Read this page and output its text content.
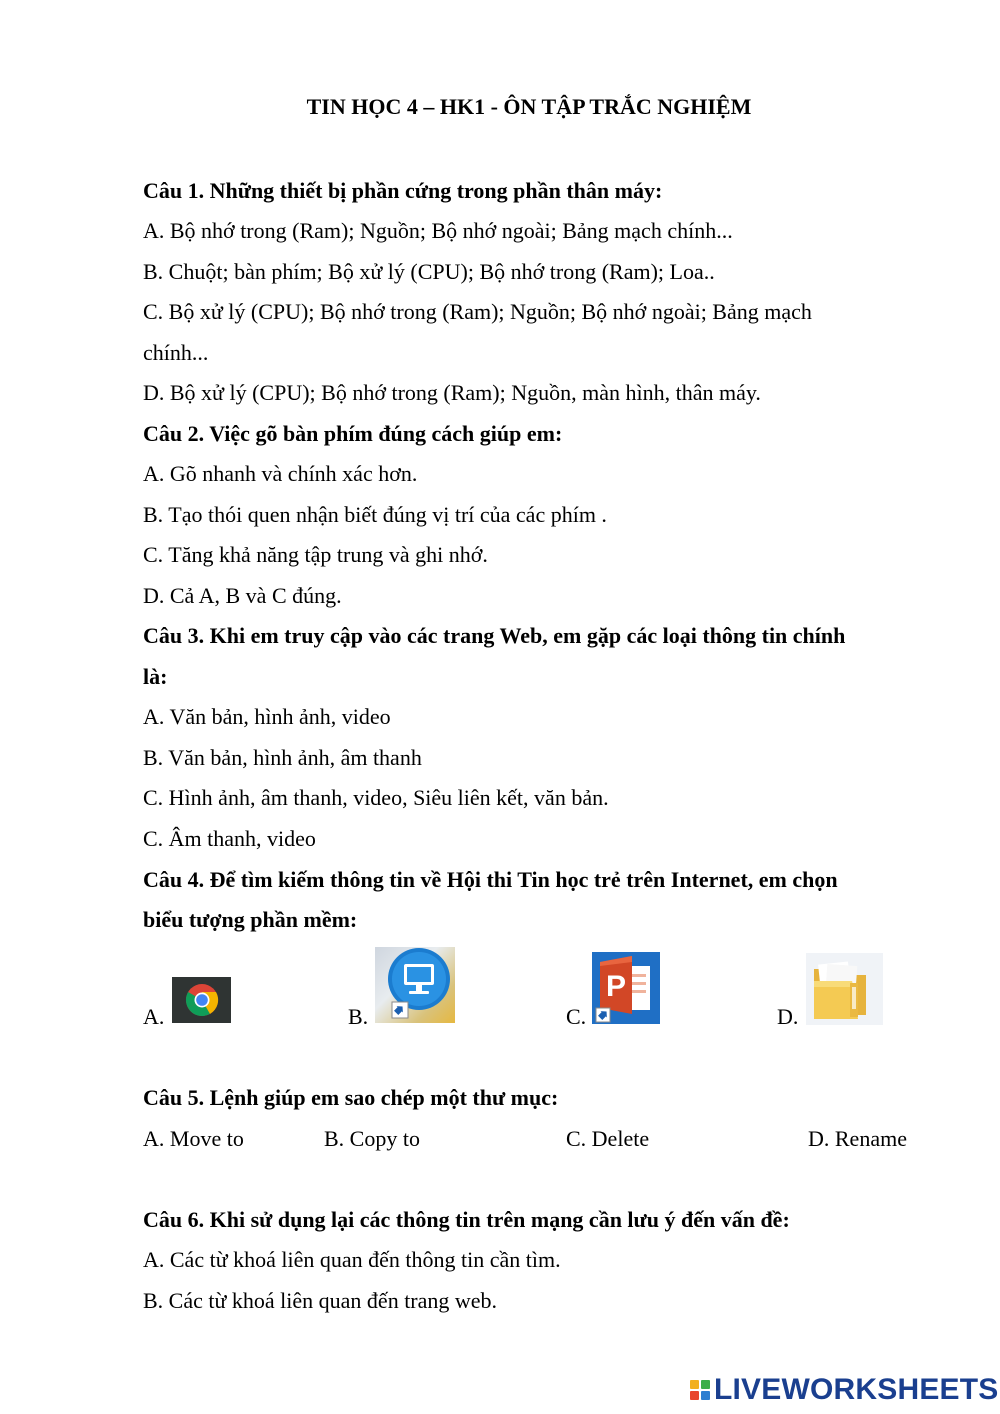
TIN HỌC 4 – HK1 - ÔN TẬP TRẮC NGHIỆM
Câu 1. Những thiết bị phần cứng trong phần thân máy:
A. Bộ nhớ trong (Ram); Nguồn; Bộ nhớ ngoài; Bảng mạch chính...
B. Chuột; bàn phím; Bộ xử lý (CPU); Bộ nhớ trong (Ram); Loa..
C. Bộ xử lý (CPU); Bộ nhớ trong (Ram); Nguồn; Bộ nhớ ngoài; Bảng mạch
chính...
D. Bộ xử lý (CPU); Bộ nhớ trong (Ram); Nguồn, màn hình, thân máy.
Câu 2. Việc gõ bàn phím đúng cách giúp em:
A. Gõ nhanh và chính xác hơn.
B. Tạo thói quen nhận biết đúng vị trí của các phím .
C. Tăng khả năng tập trung và ghi nhớ.
D. Cả A, B và C đúng.
Câu 3. Khi em truy cập vào các trang Web, em gặp các loại thông tin chính
là:
A. Văn bản, hình ảnh, video
B. Văn bản, hình ảnh, âm thanh
C. Hình ảnh, âm thanh, video, Siêu liên kết, văn bản.
C. Âm thanh, video
Câu 4. Để tìm kiếm thông tin về Hội thi Tin học trẻ trên Internet, em chọn
biểu tượng phần mềm:
A.	B.	C.
P
D.
Câu 5. Lệnh giúp em sao chép một thư mục:
A. Move to	B. Copy to	C. Delete	D. Rename
Câu 6. Khi sử dụng lại các thông tin trên mạng cần lưu ý đến vấn đề:
A. Các từ khoá liên quan đến thông tin cần tìm.
B. Các từ khoá liên quan đến trang web.
LIVEWORKSHEETS
